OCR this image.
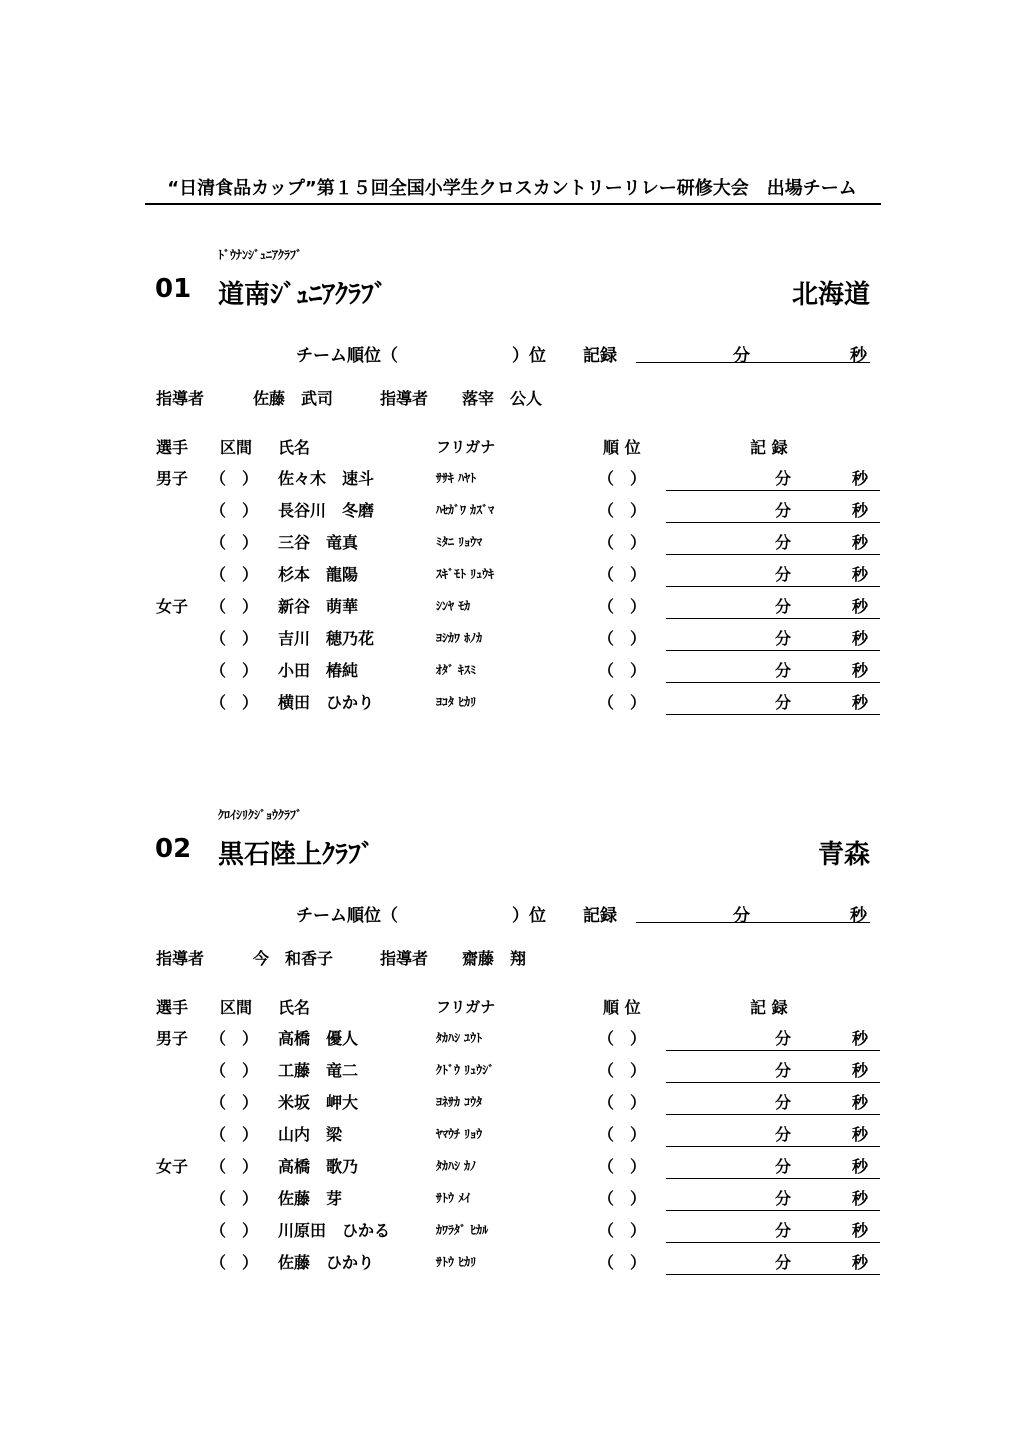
“日清食品カップ”第１５回全国小学生クロスカントリーリレー研修大会　出場チーム
ﾄﾞｳﾅﾝｼﾞｭﾆｱｸﾗﾌﾞ
01 道南ｼﾞｭﾆｱｸﾗﾌﾞ	北海道
チーム順位（	）位 記録	分	秒
指導者	佐藤　武司	指導者 落宰　公人
選手 区間 氏名	フリガナ	順 位	記 録
男子 （　） 佐々木　速斗	ｻｻｷ ﾊﾔﾄ	（　）	分	秒
（　） 長谷川　冬磨	ﾊｾｶﾞﾜ ｶｽﾞﾏ	（　）	分	秒
（　） 三谷　竜真	ﾐﾀﾆ ﾘｮｳﾏ	（　）	分	秒
（　） 杉本　龍陽	ｽｷﾞﾓﾄ ﾘｭｳｷ	（　）	分	秒
女子 （　） 新谷　萌華	ｼﾝﾔ ﾓｶ	（　）	分	秒
（　） 吉川　穂乃花	ﾖｼｶﾜ ﾎﾉｶ	（　）	分	秒
（　） 小田　椿純	ｵﾀﾞ ｷｽﾐ	（　）	分	秒
（　） 横田　ひかり	ﾖｺﾀ ﾋｶﾘ	（　）	分	秒
ｸﾛｲｼﾘｸｼﾞｮｳｸﾗﾌﾞ
02 黒石陸上ｸﾗﾌﾞ	青森
チーム順位（	）位 記録	分	秒
指導者	今　和香子	指導者 齋藤　翔
選手 区間 氏名	フリガナ	順 位	記 録
男子 （　） 高橋　優人	ﾀｶﾊｼ ﾕｳﾄ	（　）	分	秒
（　） 工藤　竜二	ｸﾄﾞｳ ﾘｭｳｼﾞ	（　）	分	秒
（　） 米坂　岬大	ﾖﾈｻｶ ｺｳﾀ	（　）	分	秒
（　） 山内　梁	ﾔﾏｳﾁ ﾘｮｳ	（　）	分	秒
女子 （　） 高橋　歌乃	ﾀｶﾊｼ ｶﾉ	（　）	分	秒
（　） 佐藤　芽	ｻﾄｳ ﾒｲ	（　）	分	秒
（　） 川原田　ひかる	ｶﾜﾗﾀﾞ ﾋｶﾙ	（　）	分	秒
（　） 佐藤　ひかり	ｻﾄｳ ﾋｶﾘ	（　）	分	秒
